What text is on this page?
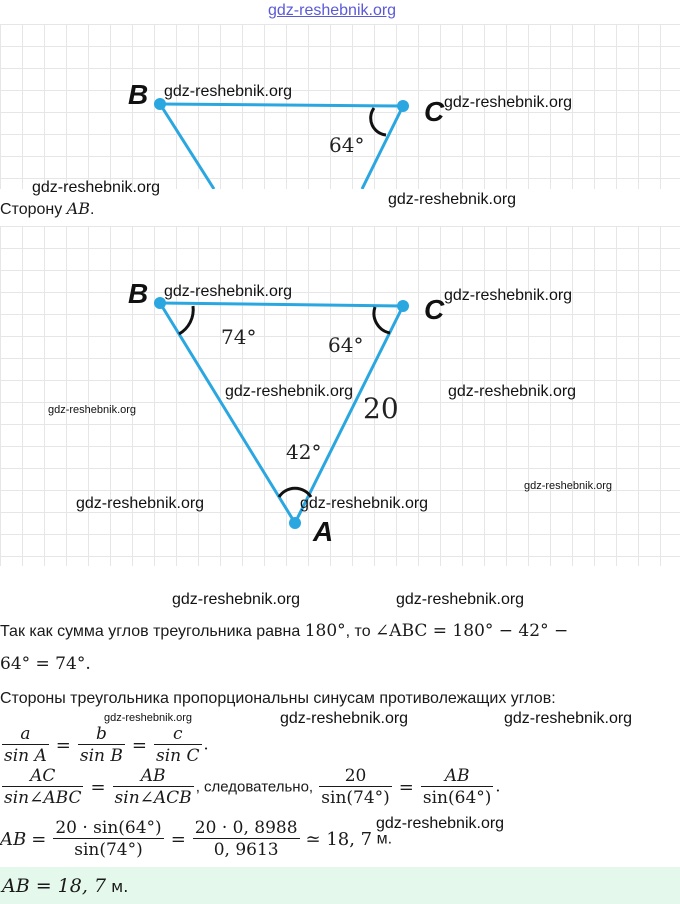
gdz-reshebnik.org
B
C
64°
gdz-reshebnik.org
gdz-reshebnik.org
gdz-reshebnik.org
Сторону AB.
gdz-reshebnik.org
B
C
A
74°	64°
42°
20
gdz-reshebnik.org	gdz-reshebnik.org
gdz-reshebnik.org	gdz-reshebnik.org
gdz-reshebnik.org
gdz-reshebnik.org	gdz-reshebnik.org
gdz-reshebnik.org
gdz-reshebnik.org	gdz-reshebnik.org
Так как сумма углов треугольника равна 180°, то ∠ABC = 180° − 42° −
64° = 74°.
Стороны треугольника пропорциональны синусам противолежащих углов:
gdz-reshebnik.org	gdz-reshebnik.org	gdz-reshebnik.org
$\frac{a}{\text{sin A}} = \frac{b}{\text{sin B}} = \frac{c}{\text{sin C}}$ .
$\frac{AC}{\text{sin∠ABC}} = \frac{AB}{\text{sin∠ACB}}$ , следовательно, $\frac{20}{\sin(74^\circ)} = \frac{AB}{\sin(64^\circ)}$ .
gdz-reshebnik.org
AB = $\frac{20 \cdot \sin(64^\circ)}{\sin(74^\circ)} = \frac{20 \cdot 0, 8988}{0, 9613}$ ≃ 18, 7 м.
AB = 18, 7 м.
